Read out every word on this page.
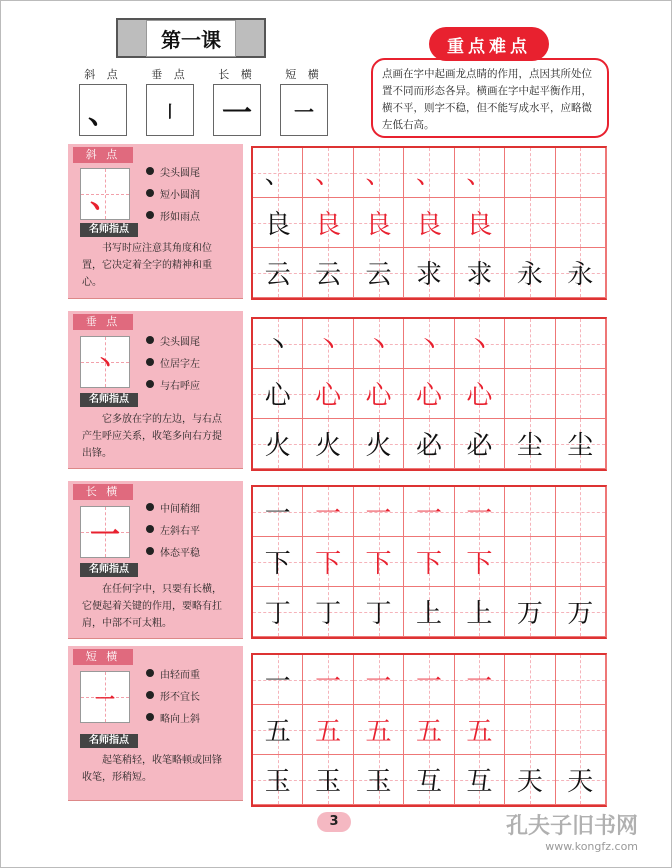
第一课
斜 点
、
垂 点
丨
长 横
一
短 横
一
重点难点
点画在字中起画龙点睛的作用，点因其所处位置不同而形态各异。横画在字中起平衡作用，横不平，则字不稳，但不能写成水平，应略微左低右高。
斜 点
、
尖头圆尾
短小圆润
形如雨点
名师指点
书写时应注意其角度和位置，它决定着全字的精神和重心。
垂 点
丶
尖头圆尾
位居字左
与右呼应
名师指点
它多放在字的左边，与右点产生呼应关系，收笔多向右方提出锋。
长 横
一
中间稍细
左斜右平
体态平稳
名师指点
在任何字中，只要有长横，它便起着关键的作用，要略有扛肩，中部不可太粗。
短 横
一
由轻而重
形不宜长
略向上斜
名师指点
起笔稍轻，收笔略顿或回锋收笔，形稍短。
、 、 、 、 、
良 良 良 良 良
云 云 云 求 求 永 永
丶 丶 丶 丶 丶
心 心 心 心 心
火 火 火 必 必 尘 尘
一 一 一 一 一
下 下 下 下 下
丁 丁 丁 上 上 万 万
一 一 一 一 一
五 五 五 五 五
玉 玉 玉 互 互 天 天
3	孔夫子旧书网
www.kongfz.com
